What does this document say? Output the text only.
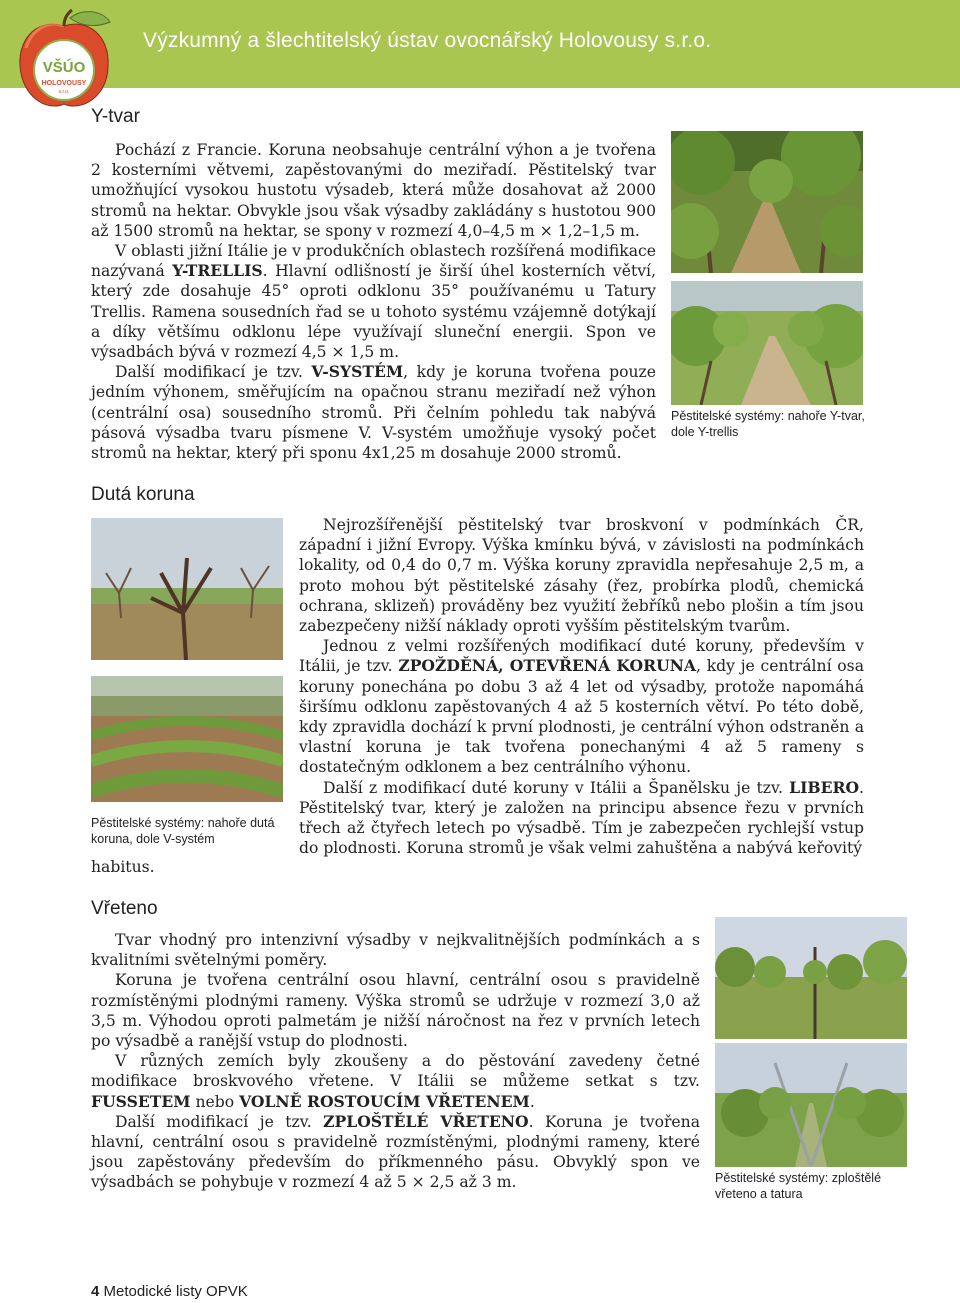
Výzkumný a šlechtitelský ústav ovocnářský Holovousy s.r.o.
VŠÚO
HOLOVOUSY
s.r.o.
Y-tvar

Pochází z Francie. Koruna neobsahuje centrální výhon a je tvořena 2 kosterními větvemi, zapěstovanými do meziřadí. Pěstitelský tvar umožňující vysokou hustotu výsadeb, která může dosahovat až 2000 stromů na hektar. Obvykle jsou však výsadby zakládány s hustotou 900 až 1500 stromů na hektar, se spony v rozmezí 4,0–4,5 m × 1,2–1,5 m.

V oblasti jižní Itálie je v produkčních oblastech rozšířená modifikace nazývaná Y-TRELLIS. Hlavní odlišností je širší úhel kosterních větví, který zde dosahuje 45° oproti odklonu 35° používanému u Tatury Trellis. Ramena sousedních řad se u tohoto systému vzájemně dotýkají a díky většímu odklonu lépe využívají sluneční energii. Spon ve výsadbách bývá v rozmezí 4,5 × 1,5 m.

Další modifikací je tzv. V-SYSTÉM, kdy je koruna tvořena pouze jedním výhonem, směřujícím na opačnou stranu meziřadí než výhon (centrální osa) sousedního stromů. Při čelním pohledu tak nabývá pásová výsadba tvaru písmene V. V-systém umožňuje vysoký počet stromů na hektar, který při sponu 4x1,25 m dosahuje 2000 stromů.

Pěstitelské systémy: nahoře Y-tvar, dole Y-trellis
Dutá koruna
Pěstitelské systémy: nahoře dutá koruna, dole V-systém

Nejrozšířenější pěstitelský tvar broskvoní v podmínkách ČR, západní i jižní Evropy. Výška kmínku bývá, v závislosti na podmínkách lokality, od 0,4 do 0,7 m. Výška koruny zpravidla nepřesahuje 2,5 m, a proto mohou být pěstitelské zásahy (řez, probírka plodů, chemická ochrana, sklizeň) prováděny bez využití žebříků nebo plošin a tím jsou zabezpečeny nižší náklady oproti vyšším pěstitelským tvarům.

Jednou z velmi rozšířených modifikací duté koruny, především v Itálii, je tzv. ZPOŽDĚNÁ, OTEVŘENÁ KORUNA, kdy je centrální osa koruny ponechána po dobu 3 až 4 let od výsadby, protože napomáhá širšímu odklonu zapěstovaných 4 až 5 kosterních větví. Po této době, kdy zpravidla dochází k první plodnosti, je centrální výhon odstraněn a vlastní koruna je tak tvořena ponechanými 4 až 5 rameny s dostatečným odklonem a bez centrálního výhonu.

Další z modifikací duté koruny v Itálii a Španělsku je tzv. LIBERO. Pěstitelský tvar, který je založen na principu absence řezu v prvních třech až čtyřech letech po výsadbě. Tím je zabezpečen rychlejší vstup do plodnosti. Koruna stromů je však velmi zahuštěna a nabývá keřovitý

habitus.

Vřeteno

Tvar vhodný pro intenzivní výsadby v nejkvalitnějších podmínkách a s kvalitními světelnými poměry.

Koruna je tvořena centrální osou hlavní, centrální osou s pravidelně rozmístěnými plodnými rameny. Výška stromů se udržuje v rozmezí 3,0 až 3,5 m. Výhodou oproti palmetám je nižší náročnost na řez v prvních letech po výsadbě a ranější vstup do plodnosti.

V různých zemích byly zkoušeny a do pěstování zavedeny četné modifikace broskvového vřetene. V Itálii se můžeme setkat s tzv. FUSSETEM nebo VOLNĚ ROSTOUCÍM VŘETENEM.

Další modifikací je tzv. ZPLOŠTĚLÉ VŘETENO. Koruna je tvořena hlavní, centrální osou s pravidelně rozmístěnými, plodnými rameny, které jsou zapěstovány především do příkmenného pásu. Obvyklý spon ve výsadbách se pohybuje v rozmezí 4 až 5 × 2,5 až 3 m.	Pěstitelské systémy: zploštělé vřeteno a tatura
4 Metodické listy OPVK
